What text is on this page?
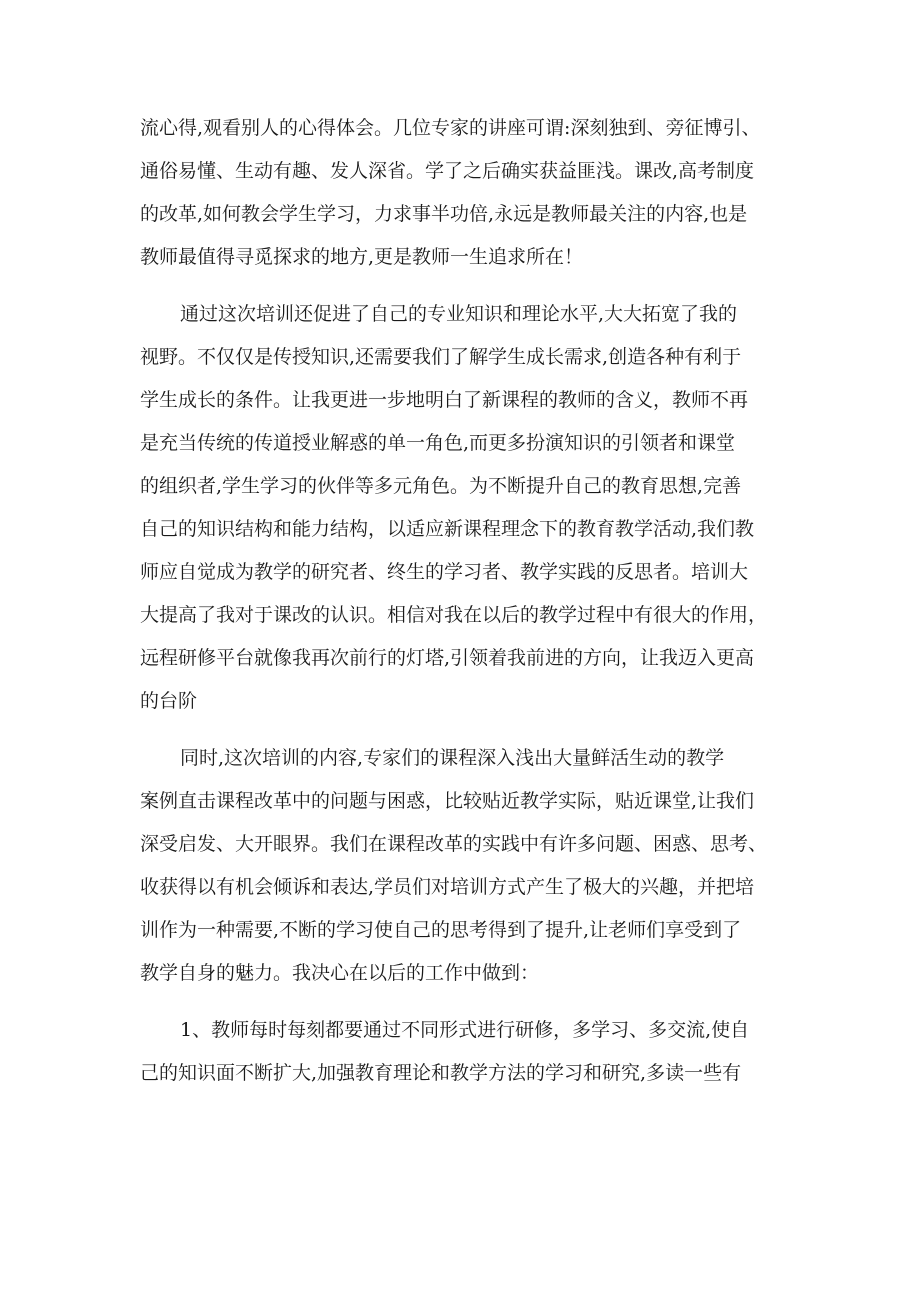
流心得,观看别人的心得体会。几位专家的讲座可谓:深刻独到、旁征博引、
通俗易懂、生动有趣、发人深省。学了之后确实获益匪浅。课改,高考制度
的改革,如何教会学生学习，力求事半功倍,永远是教师最关注的内容,也是
教师最值得寻觅探求的地方,更是教师一生追求所在！
通过这次培训还促进了自己的专业知识和理论水平,大大拓宽了我的
视野。不仅仅是传授知识,还需要我们了解学生成长需求,创造各种有利于
学生成长的条件。让我更进一步地明白了新课程的教师的含义，教师不再
是充当传统的传道授业解惑的单一角色,而更多扮演知识的引领者和课堂
的组织者,学生学习的伙伴等多元角色。为不断提升自己的教育思想,完善
自己的知识结构和能力结构，以适应新课程理念下的教育教学活动,我们教
师应自觉成为教学的研究者、终生的学习者、教学实践的反思者。培训大
大提高了我对于课改的认识。相信对我在以后的教学过程中有很大的作用，
远程研修平台就像我再次前行的灯塔,引领着我前进的方向，让我迈入更高
的台阶
同时,这次培训的内容,专家们的课程深入浅出大量鲜活生动的教学
案例直击课程改革中的问题与困惑，比较贴近教学实际，贴近课堂,让我们
深受启发、大开眼界。我们在课程改革的实践中有许多问题、困惑、思考、
收获得以有机会倾诉和表达,学员们对培训方式产生了极大的兴趣，并把培
训作为一种需要,不断的学习使自己的思考得到了提升,让老师们享受到了
教学自身的魅力。我决心在以后的工作中做到：
1、教师每时每刻都要通过不同形式进行研修，多学习、多交流,使自
己的知识面不断扩大,加强教育理论和教学方法的学习和研究,多读一些有
